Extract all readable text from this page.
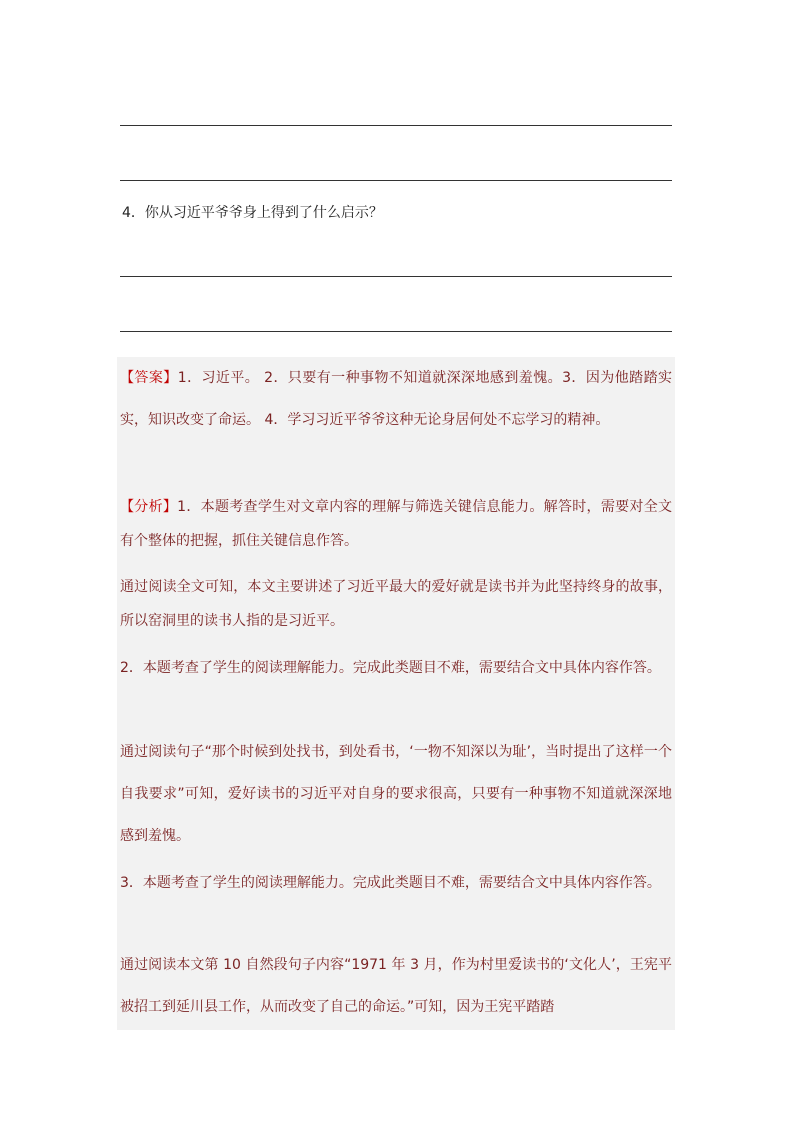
4．你从习近平爷爷身上得到了什么启示？
【答案】1．习近平。 2．只要有一种事物不知道就深深地感到羞愧。3．因为他踏踏实实，知识改变了命运。 4．学习习近平爷爷这种无论身居何处不忘学习的精神。
【分析】1．本题考查学生对文章内容的理解与筛选关键信息能力。解答时，需要对全文有个整体的把握，抓住关键信息作答。
通过阅读全文可知，本文主要讲述了习近平最大的爱好就是读书并为此坚持终身的故事，所以窑洞里的读书人指的是习近平。
2．本题考查了学生的阅读理解能力。完成此类题目不难，需要结合文中具体内容作答。
通过阅读句子“那个时候到处找书，到处看书，‘一物不知深以为耻’，当时提出了这样一个自我要求”可知，爱好读书的习近平对自身的要求很高，只要有一种事物不知道就深深地感到羞愧。
3．本题考查了学生的阅读理解能力。完成此类题目不难，需要结合文中具体内容作答。
通过阅读本文第 10 自然段句子内容“1971 年 3 月，作为村里爱读书的‘文化人’，王宪平被招工到延川县工作，从而改变了自己的命运。”可知，因为王宪平踏踏
